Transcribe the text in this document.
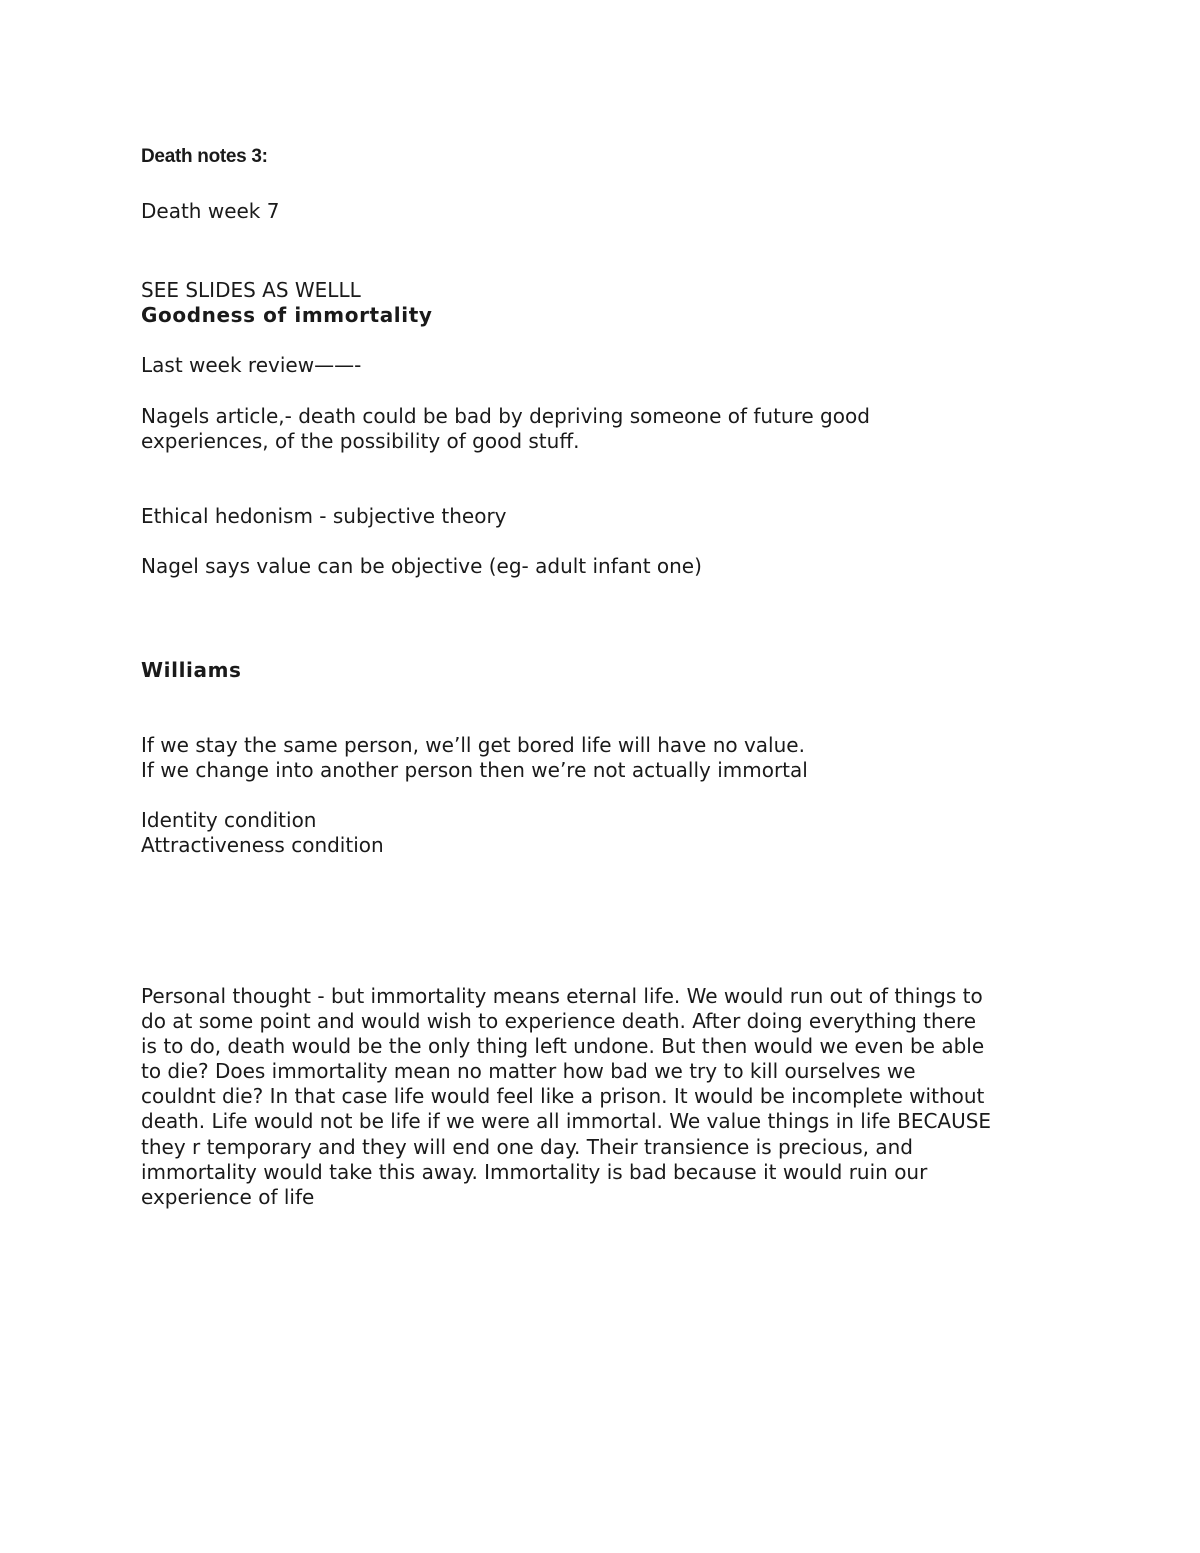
Death notes 3:

Death week 7

SEE SLIDES AS WELLL

Goodness of immortality

Last week review——-

Nagels article,- death could be bad by depriving someone of future good

experiences, of the possibility of good stuff.

Ethical hedonism - subjective theory

Nagel says value can be objective (eg- adult infant one)

Williams

If we stay the same person, we’ll get bored life will have no value.

If we change into another person then we’re not actually immortal

Identity condition

Attractiveness condition

Personal thought - but immortality means eternal life. We would run out of things to
do at some point and would wish to experience death. After doing everything there
is to do, death would be the only thing left undone. But then would we even be able
to die? Does immortality mean no matter how bad we try to kill ourselves we
couldnt die? In that case life would feel like a prison. It would be incomplete without
death. Life would not be life if we were all immortal. We value things in life BECAUSE
they r temporary and they will end one day. Their transience is precious, and
immortality would take this away. Immortality is bad because it would ruin our
experience of life
